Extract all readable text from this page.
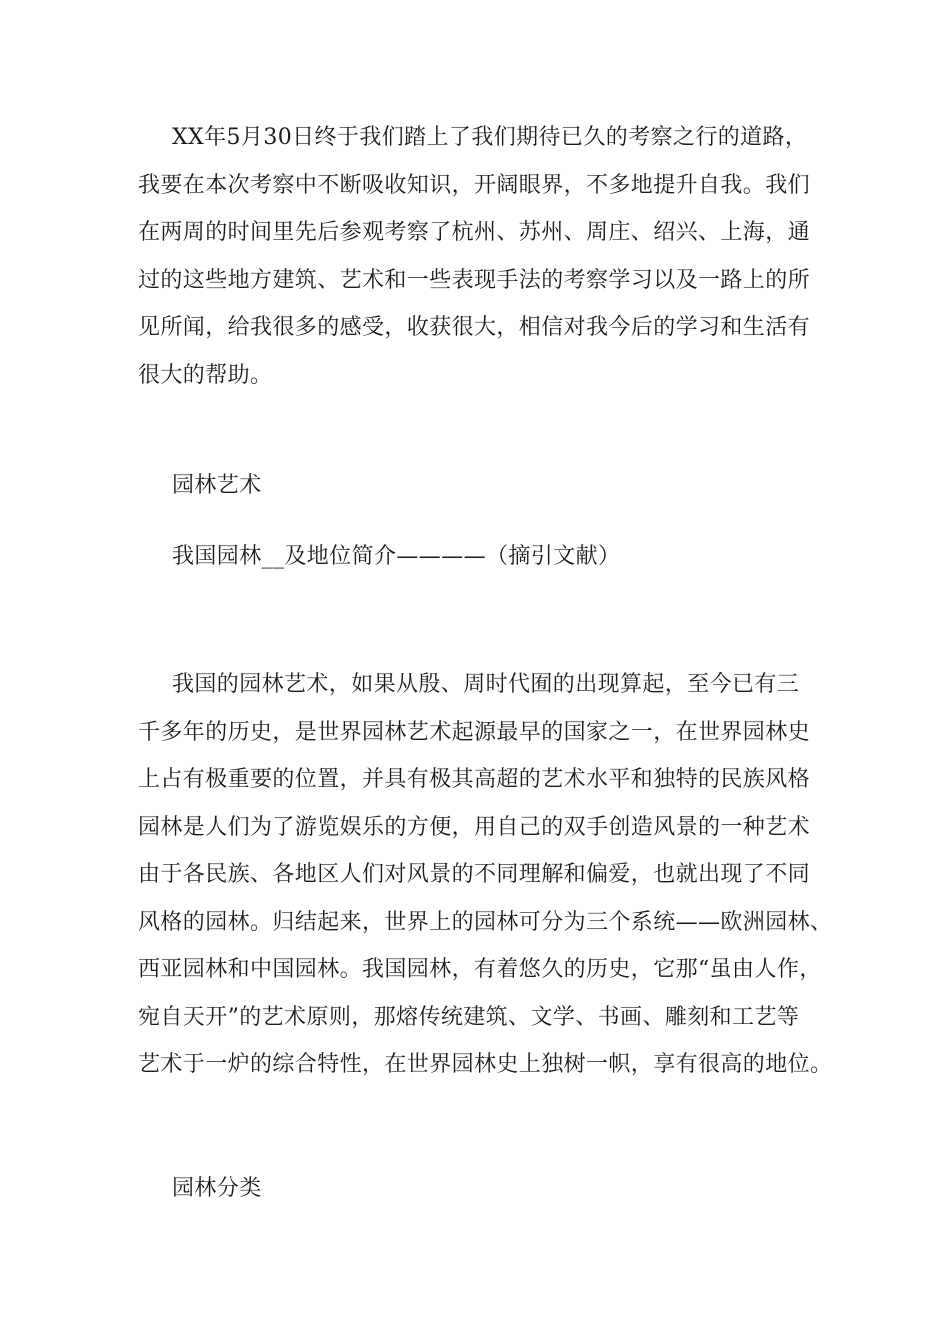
XX年5月30日终于我们踏上了我们期待已久的考察之行的道路，
我要在本次考察中不断吸收知识，开阔眼界，不多地提升自我。我们
在两周的时间里先后参观考察了杭州、苏州、周庄、绍兴、上海，通
过的这些地方建筑、艺术和一些表现手法的考察学习以及一路上的所
见所闻，给我很多的感受，收获很大，相信对我今后的学习和生活有
很大的帮助。
园林艺术
我国园林__及地位简介————（摘引文献）
我国的园林艺术，如果从殷、周时代囿的出现算起，至今已有三
千多年的历史，是世界园林艺术起源最早的国家之一，在世界园林史
上占有极重要的位置，并具有极其高超的艺术水平和独特的民族风格
园林是人们为了游览娱乐的方便，用自己的双手创造风景的一种艺术
由于各民族、各地区人们对风景的不同理解和偏爱，也就出现了不同
风格的园林。归结起来，世界上的园林可分为三个系统——欧洲园林、
西亚园林和中国园林。我国园林，有着悠久的历史，它那“虽由人作，
宛自天开”的艺术原则，那熔传统建筑、文学、书画、雕刻和工艺等
艺术于一炉的综合特性，在世界园林史上独树一帜，享有很高的地位。
园林分类
